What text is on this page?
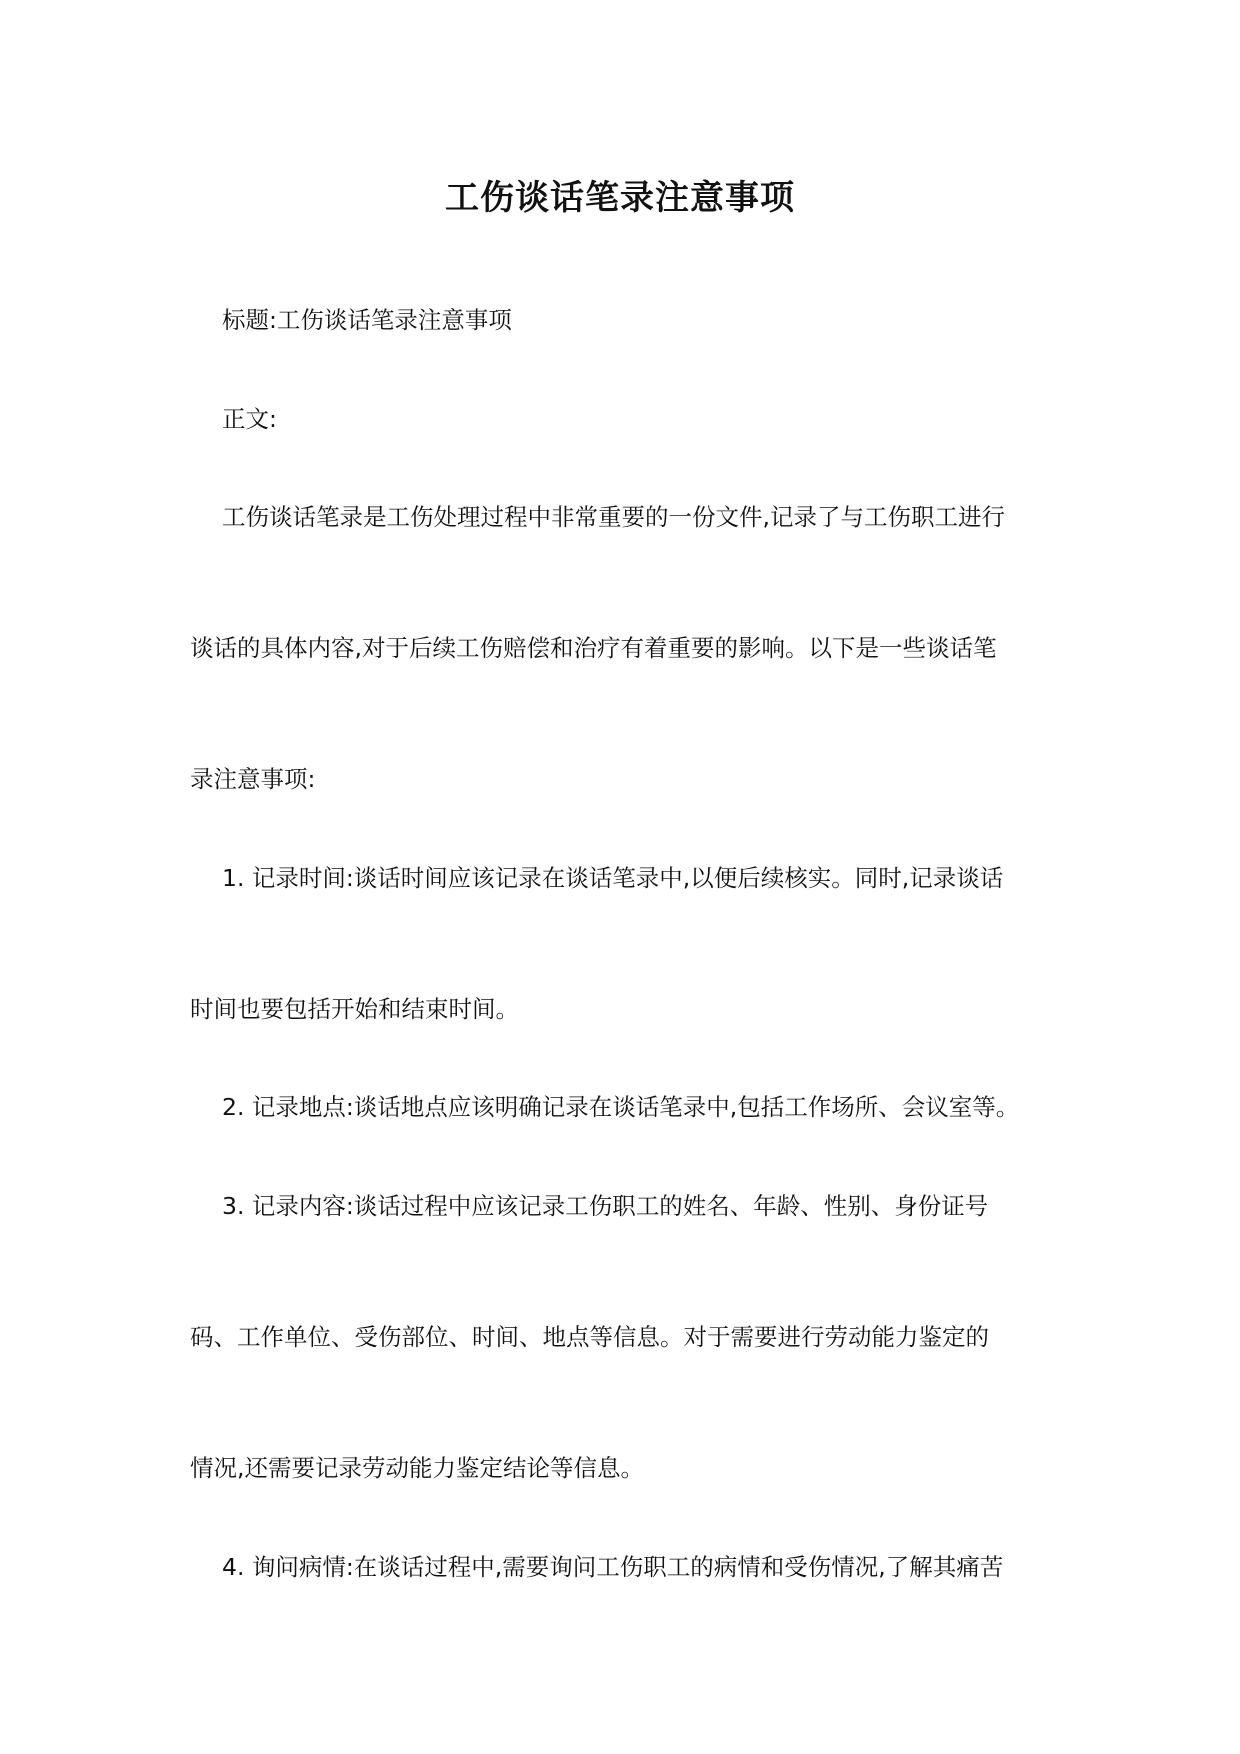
工伤谈话笔录注意事项

标题:工伤谈话笔录注意事项

正文:

工伤谈话笔录是工伤处理过程中非常重要的一份文件,记录了与工伤职工进行

谈话的具体内容,对于后续工伤赔偿和治疗有着重要的影响。以下是一些谈话笔

录注意事项:

1. 记录时间:谈话时间应该记录在谈话笔录中,以便后续核实。同时,记录谈话

时间也要包括开始和结束时间。

2. 记录地点:谈话地点应该明确记录在谈话笔录中,包括工作场所、会议室等。

3. 记录内容:谈话过程中应该记录工伤职工的姓名、年龄、性别、身份证号

码、工作单位、受伤部位、时间、地点等信息。对于需要进行劳动能力鉴定的

情况,还需要记录劳动能力鉴定结论等信息。

4. 询问病情:在谈话过程中,需要询问工伤职工的病情和受伤情况,了解其痛苦
